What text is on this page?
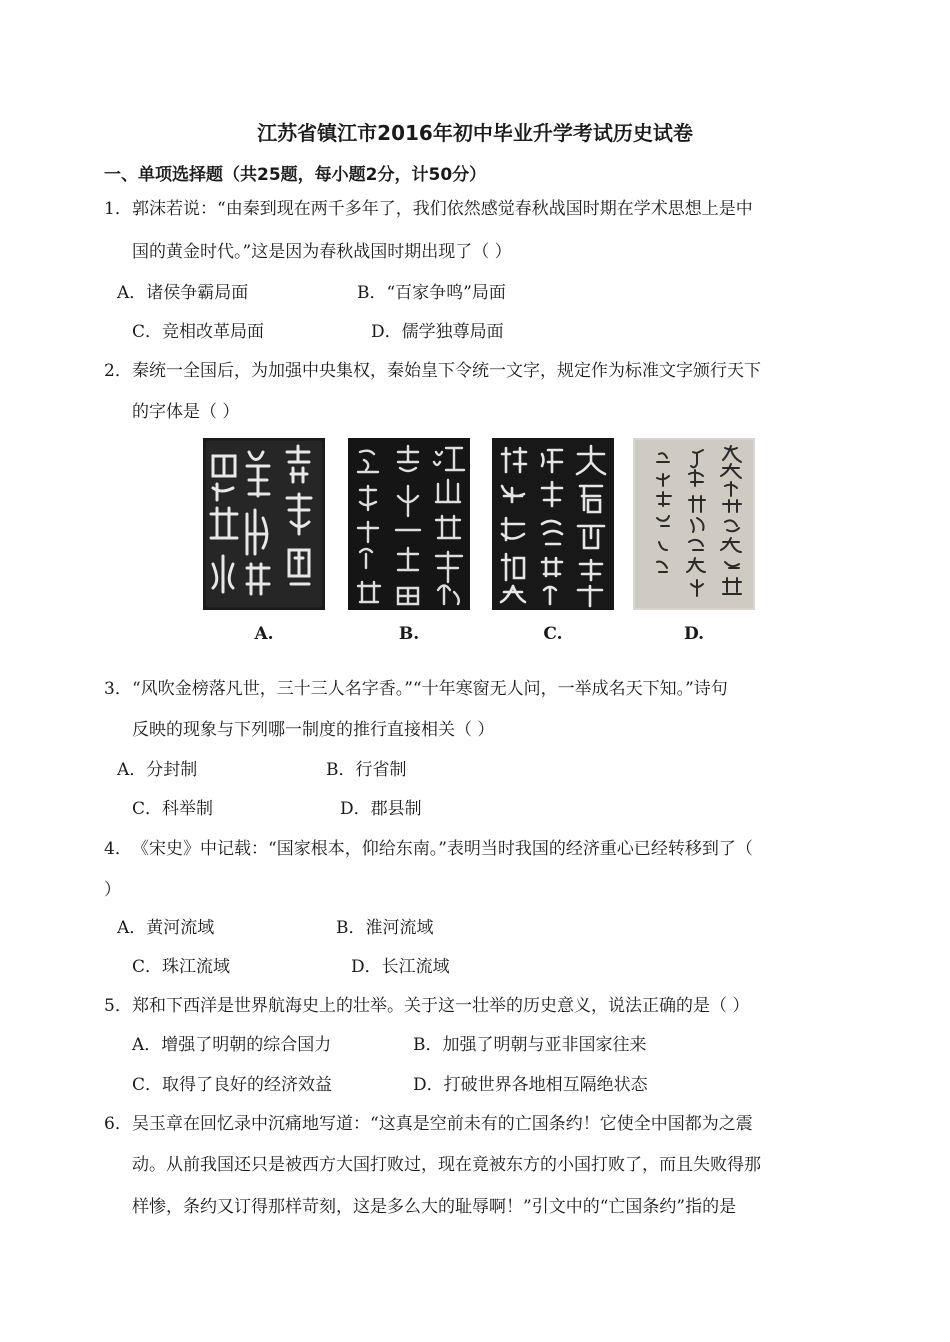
江苏省镇江市2016年初中毕业升学考试历史试卷
一、单项选择题（共25题，每小题2分，计50分）
1． 郭沫若说：“由秦到现在两千多年了，我们依然感觉春秋战国时期在学术思想上是中
国的黄金时代。”这是因为春秋战国时期出现了（ ）
A．诸侯争霸局面	B．“百家争鸣”局面
C．竞相改革局面	D．儒学独尊局面
2． 秦统一全国后，为加强中央集权，秦始皇下令统一文字，规定作为标准文字颁行天下
的字体是（ ）
A.	B.	C.	D.
3． “风吹金榜落凡世，三十三人名字香。”“十年寒窗无人问，一举成名天下知。”诗句
反映的现象与下列哪一制度的推行直接相关（ ）
A．分封制	B．行省制
C．科举制	D．郡县制
4． 《宋史》中记载：“国家根本，仰给东南。”表明当时我国的经济重心已经转移到了（
）
A．黄河流域	B．淮河流域
C．珠江流域	D．长江流域
5． 郑和下西洋是世界航海史上的壮举。关于这一壮举的历史意义，说法正确的是（ ）
A．增强了明朝的综合国力	B．加强了明朝与亚非国家往来
C．取得了良好的经济效益	D．打破世界各地相互隔绝状态
6． 吴玉章在回忆录中沉痛地写道：“这真是空前未有的亡国条约！它使全中国都为之震
动。从前我国还只是被西方大国打败过，现在竟被东方的小国打败了，而且失败得那
样惨，条约又订得那样苛刻，这是多么大的耻辱啊！”引文中的“亡国条约”指的是
